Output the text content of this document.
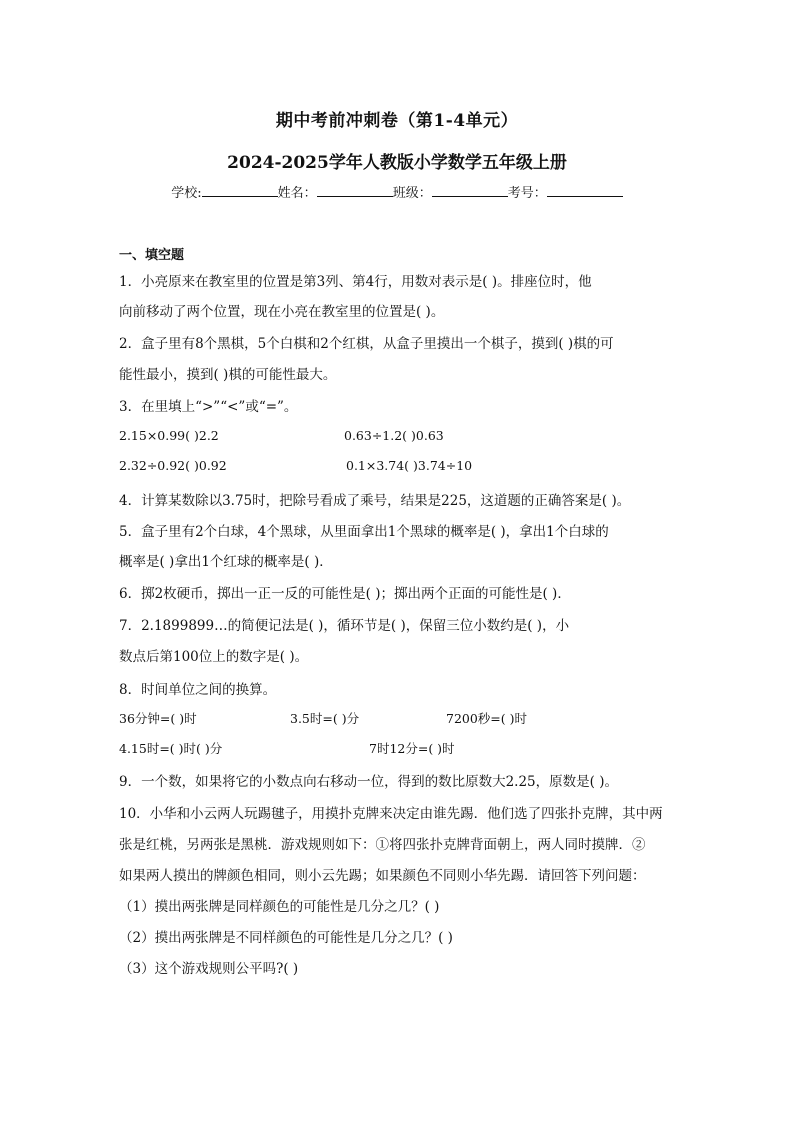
期中考前冲刺卷（第1-4单元）
2024-2025学年人教版小学数学五年级上册
学校:	姓名：	班级：	考号：
一、填空题
1．小亮原来在教室里的位置是第3列、第4行，用数对表示是( )。排座位时，他
向前移动了两个位置，现在小亮在教室里的位置是( )。
2．盒子里有8个黑棋，5个白棋和2个红棋，从盒子里摸出一个棋子，摸到( )棋的可
能性最小，摸到( )棋的可能性最大。
3．在里填上“>”“<”或“=”。
2.15×0.99( )2.2	0.63÷1.2( )0.63
2.32÷0.92( )0.92	0.1×3.74( )3.74÷10
4．计算某数除以3.75时，把除号看成了乘号，结果是225，这道题的正确答案是( )。
5．盒子里有2个白球，4个黑球，从里面拿出1个黑球的概率是( )，拿出1个白球的
概率是( )拿出1个红球的概率是( )．
6．掷2枚硬币，掷出一正一反的可能性是( )；掷出两个正面的可能性是( )．
7．2.1899899…的简便记法是( )，循环节是( )，保留三位小数约是( )，小
数点后第100位上的数字是( )。
8．时间单位之间的换算。
36分钟=( )时	3.5时=( )分	7200秒=( )时
4.15时=( )时( )分	7时12分=( )时
9．一个数，如果将它的小数点向右移动一位，得到的数比原数大2.25，原数是( )。
10．小华和小云两人玩踢毽子，用摸扑克牌来决定由谁先踢．他们选了四张扑克牌，其中两
张是红桃，另两张是黑桃．游戏规则如下：①将四张扑克牌背面朝上，两人同时摸牌．②
如果两人摸出的牌颜色相同，则小云先踢；如果颜色不同则小华先踢．请回答下列问题：
（1）摸出两张牌是同样颜色的可能性是几分之几？( )
（2）摸出两张牌是不同样颜色的可能性是几分之几？( )
（3）这个游戏规则公平吗?( )
